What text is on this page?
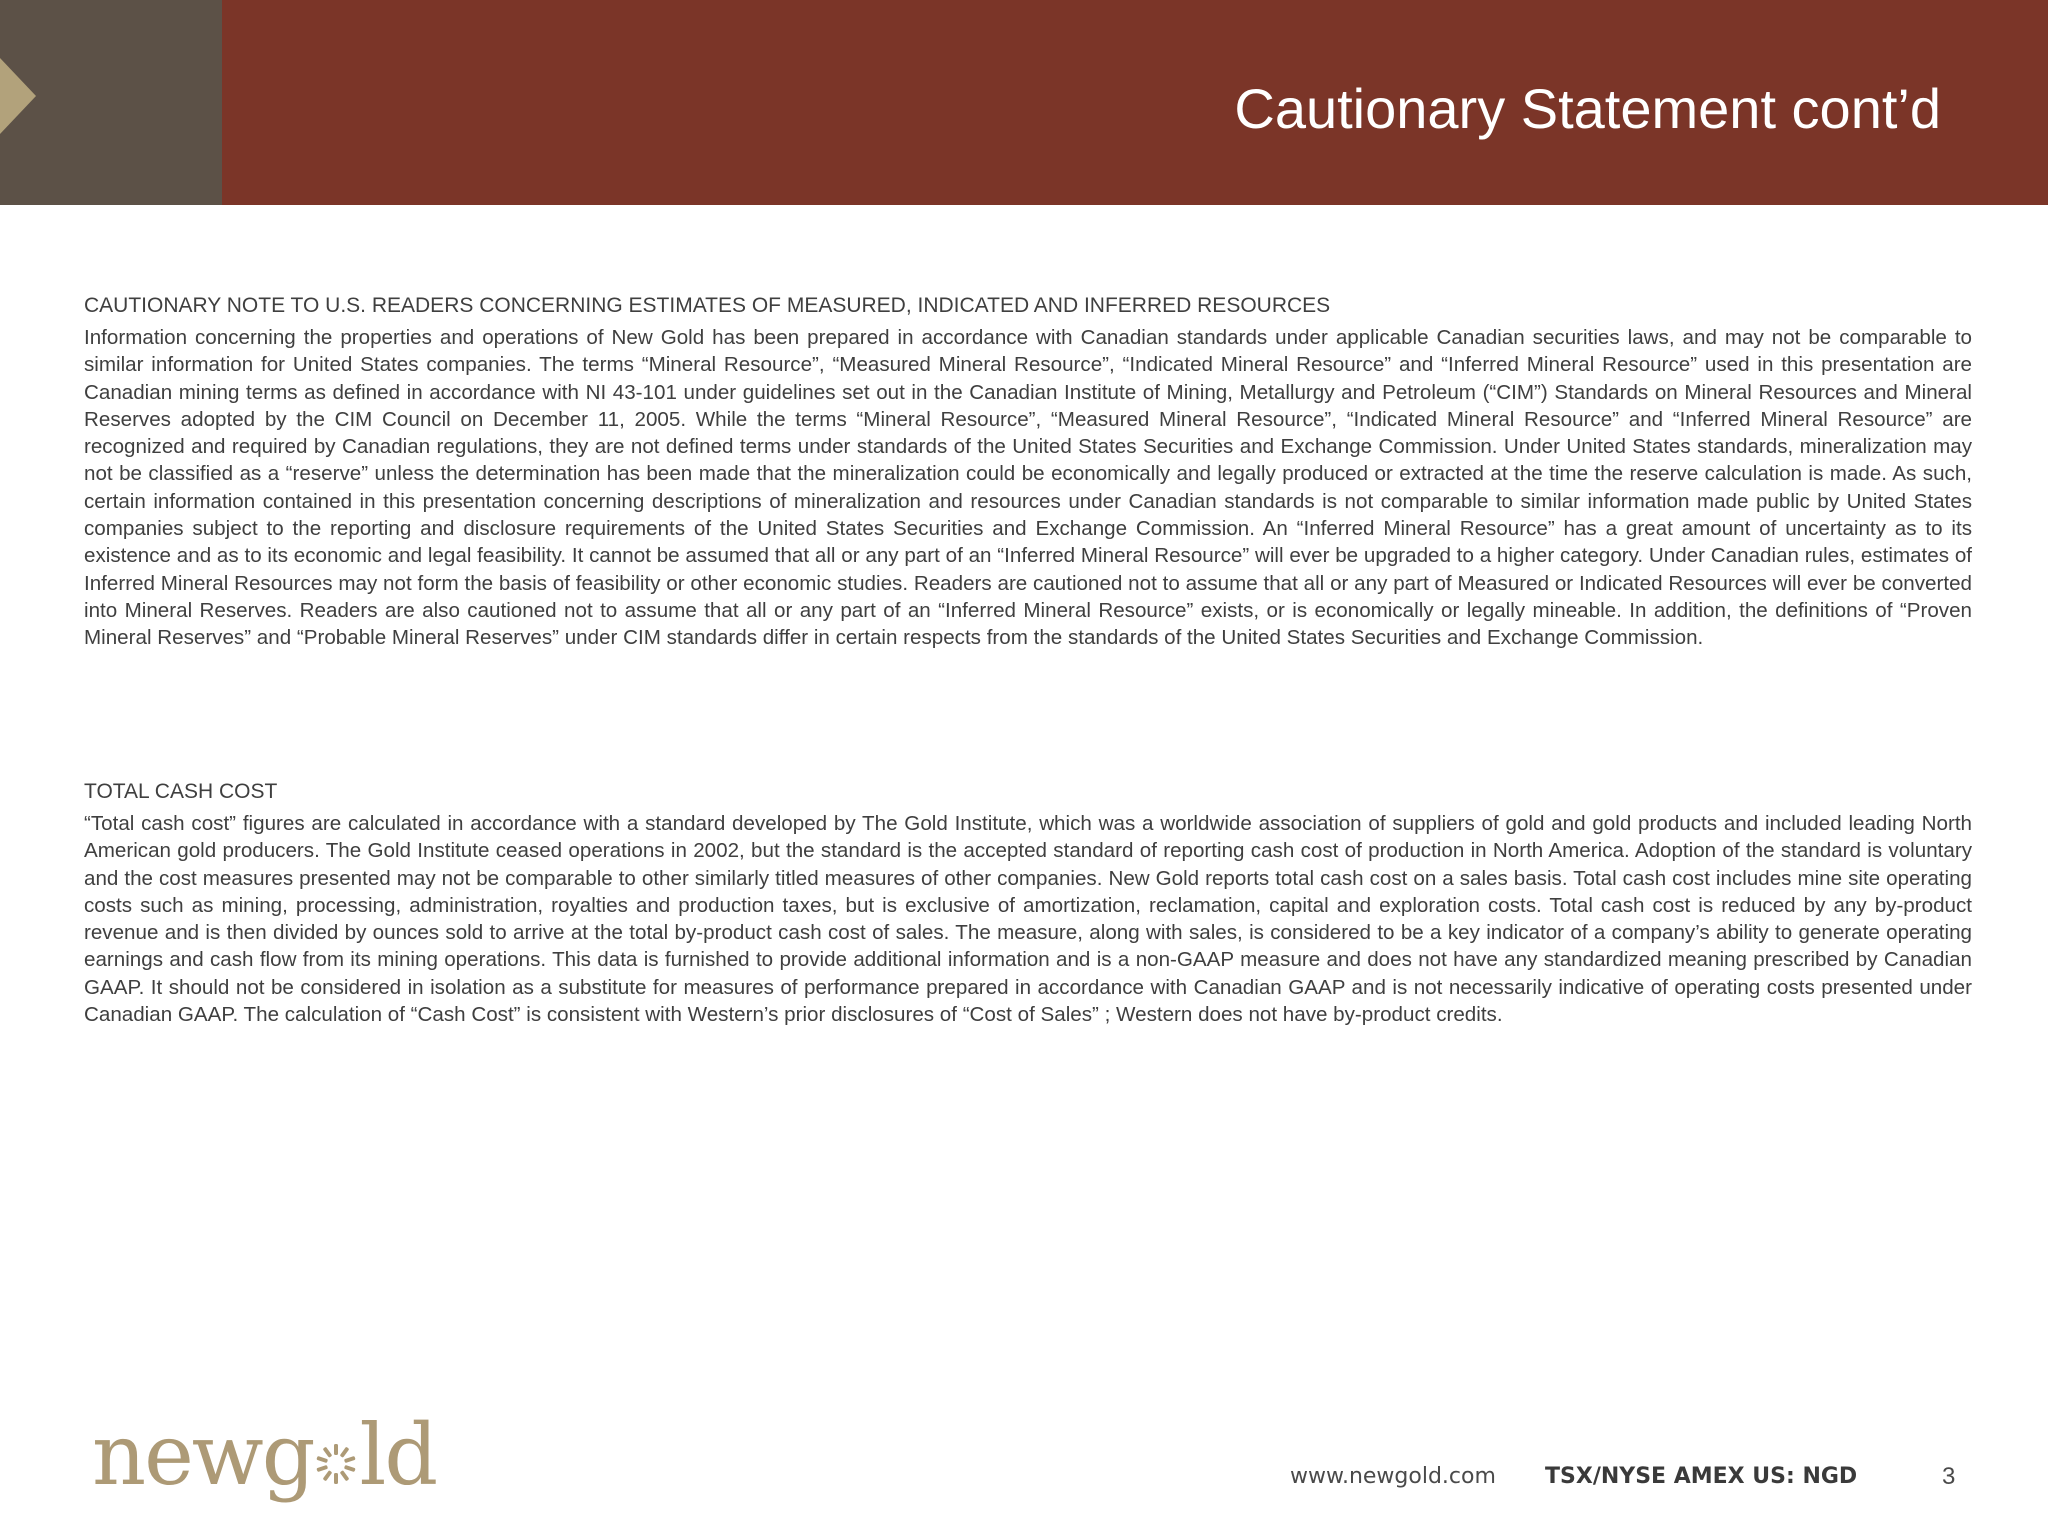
Cautionary Statement cont’d
CAUTIONARY NOTE TO U.S. READERS CONCERNING ESTIMATES OF MEASURED, INDICATED AND INFERRED RESOURCES

Information concerning the properties and operations of New Gold has been prepared in accordance with Canadian standards under applicable Canadian securities laws, and may not be comparable to similar information for United States companies. The terms “Mineral Resource”, “Measured Mineral Resource”, “Indicated Mineral Resource” and “Inferred Mineral Resource” used in this presentation are Canadian mining terms as defined in accordance with NI 43-101 under guidelines set out in the Canadian Institute of Mining, Metallurgy and Petroleum (“CIM”) Standards on Mineral Resources and Mineral Reserves adopted by the CIM Council on December 11, 2005. While the terms “Mineral Resource”, “Measured Mineral Resource”, “Indicated Mineral Resource” and “Inferred Mineral Resource” are recognized and required by Canadian regulations, they are not defined terms under standards of the United States Securities and Exchange Commission. Under United States standards, mineralization may not be classified as a “reserve” unless the determination has been made that the mineralization could be economically and legally produced or extracted at the time the reserve calculation is made. As such, certain information contained in this presentation concerning descriptions of mineralization and resources under Canadian standards is not comparable to similar information made public by United States companies subject to the reporting and disclosure requirements of the United States Securities and Exchange Commission. An “Inferred Mineral Resource” has a great amount of uncertainty as to its existence and as to its economic and legal feasibility. It cannot be assumed that all or any part of an “Inferred Mineral Resource” will ever be upgraded to a higher category. Under Canadian rules, estimates of Inferred Mineral Resources may not form the basis of feasibility or other economic studies. Readers are cautioned not to assume that all or any part of Measured or Indicated Resources will ever be converted into Mineral Reserves. Readers are also cautioned not to assume that all or any part of an “Inferred Mineral Resource” exists, or is economically or legally mineable. In addition, the definitions of “Proven Mineral Reserves” and “Probable Mineral Reserves” under CIM standards differ in certain respects from the standards of the United States Securities and Exchange Commission.

TOTAL CASH COST

“Total cash cost” figures are calculated in accordance with a standard developed by The Gold Institute, which was a worldwide association of suppliers of gold and gold products and included leading North American gold producers. The Gold Institute ceased operations in 2002, but the standard is the accepted standard of reporting cash cost of production in North America. Adoption of the standard is voluntary and the cost measures presented may not be comparable to other similarly titled measures of other companies. New Gold reports total cash cost on a sales basis. Total cash cost includes mine site operating costs such as mining, processing, administration, royalties and production taxes, but is exclusive of amortization, reclamation, capital and exploration costs. Total cash cost is reduced by any by-product revenue and is then divided by ounces sold to arrive at the total by-product cash cost of sales. The measure, along with sales, is considered to be a key indicator of a company’s ability to generate operating earnings and cash flow from its mining operations. This data is furnished to provide additional information and is a non-GAAP measure and does not have any standardized meaning prescribed by Canadian GAAP. It should not be considered in isolation as a substitute for measures of performance prepared in accordance with Canadian GAAP and is not necessarily indicative of operating costs presented under Canadian GAAP. The calculation of “Cash Cost” is consistent with Western’s prior disclosures of “Cost of Sales” ; Western does not have by-product credits.

newg ld	www.newgold.com TSX/NYSE AMEX US: NGD	3
